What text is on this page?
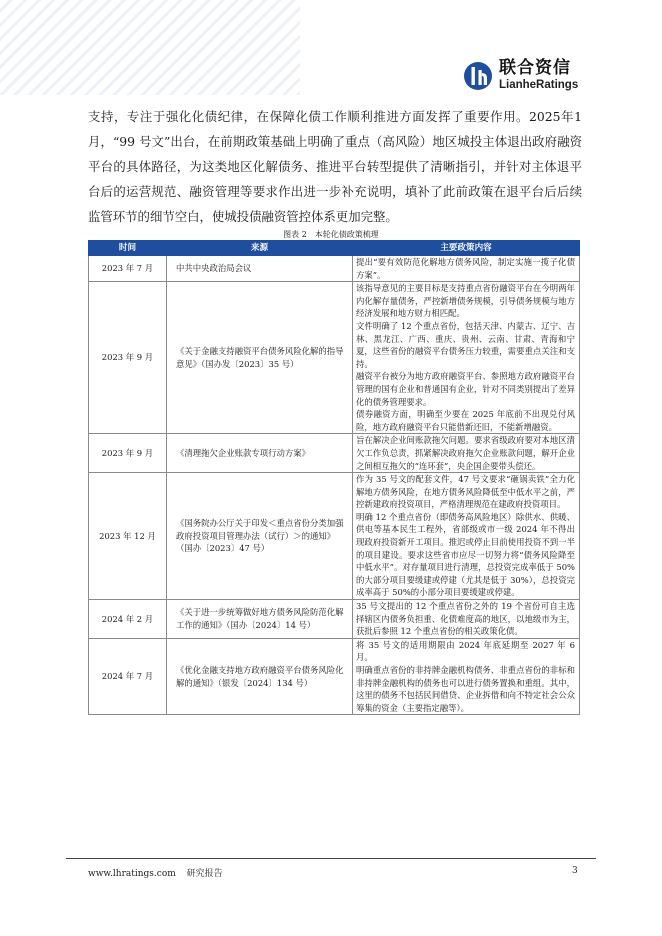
联合资信
LianheRatings

支持，专注于强化化债纪律，在保障化债工作顺利推进方面发挥了重要作用。2025年1月，“99 号文”出台，在前期政策基础上明确了重点（高风险）地区城投主体退出政府融资平台的具体路径，为这类地区化解债务、推进平台转型提供了清晰指引，并针对主体退平台后的运营规范、融资管理等要求作出进一步补充说明，填补了此前政策在退平台后后续监管环节的细节空白，使城投债融资管控体系更加完整。

图表 2　本轮化债政策梳理
时间	来源	主要政策内容
2023 年 7 月	中共中央政治局会议	提出“要有效防范化解地方债务风险，制定实施一揽子化债方案”。

2023 年 9 月	《关于金融支持融资平台债务风险化解的指导意见》（国办发〔2023〕35 号）	该指导意见的主要目标是支持重点省份融资平台在今明两年内化解存量债务，严控新增债务规模，引导债务规模与地方经济发展和地方财力相匹配。
文件明确了 12 个重点省份，包括天津、内蒙古、辽宁、吉林、黑龙江、广西、重庆、贵州、云南、甘肃、青海和宁夏，这些省份的融资平台债务压力较重，需要重点关注和支持。
融资平台被分为地方政府融资平台、参照地方政府融资平台管理的国有企业和普通国有企业，针对不同类别提出了差异化的债务管理要求。
债券融资方面，明确至少要在 2025 年底前不出现兑付风险，地方政府融资平台只能借新还旧，不能新增融资。

2023 年 9 月	《清理拖欠企业账款专项行动方案》	旨在解决企业间账款拖欠问题。要求省级政府要对本地区清欠工作负总责，抓紧解决政府拖欠企业账款问题，解开企业之间相互拖欠的“连环套”，央企国企要带头偿还。

2023 年 12 月	《国务院办公厅关于印发＜重点省份分类加强政府投资项目管理办法（试行）＞的通知》（国办〔2023〕47 号）	作为 35 号文的配套文件，47 号文要求“砸锅卖铁”全力化解地方债务风险，在地方债务风险降低至中低水平之前，严控新建政府投资项目，严格清理规范在建政府投资项目。
明确 12 个重点省份（即债务高风险地区）除供水、供暖、供电等基本民生工程外，省部级或市一级 2024 年不得出现政府投资新开工项目。推迟或停止目前使用投资不到一半的项目建设。要求这些省市应尽一切努力将“债务风险降至中低水平”。对存量项目进行清理，总投资完成率低于 50%的大部分项目要缓建或停建（尤其是低于 30%），总投资完成率高于 50%的小部分项目要缓建或停建。

2024 年 2 月	《关于进一步统筹做好地方债务风险防范化解工作的通知》（国办〔2024〕14 号）	35 号文提出的 12 个重点省份之外的 19 个省份可自主选择辖区内债务负担重、化债难度高的地区，以地级市为主，获批后参照 12 个重点省份的相关政策化债。

2024 年 7 月	《优化金融支持地方政府融资平台债务风险化解的通知》（银发〔2024〕134 号）	将 35 号文的适用期限由 2024 年底延期至 2027 年 6 月。
明确重点省份的非持牌金融机构债务、非重点省份的非标和非持牌金融机构的债务也可以进行债务置换和重组。其中，这里的债务不包括民间借贷、企业拆借和向不特定社会公众筹集的资金（主要指定融等）。
www.lhratings.com 研究报告	3
